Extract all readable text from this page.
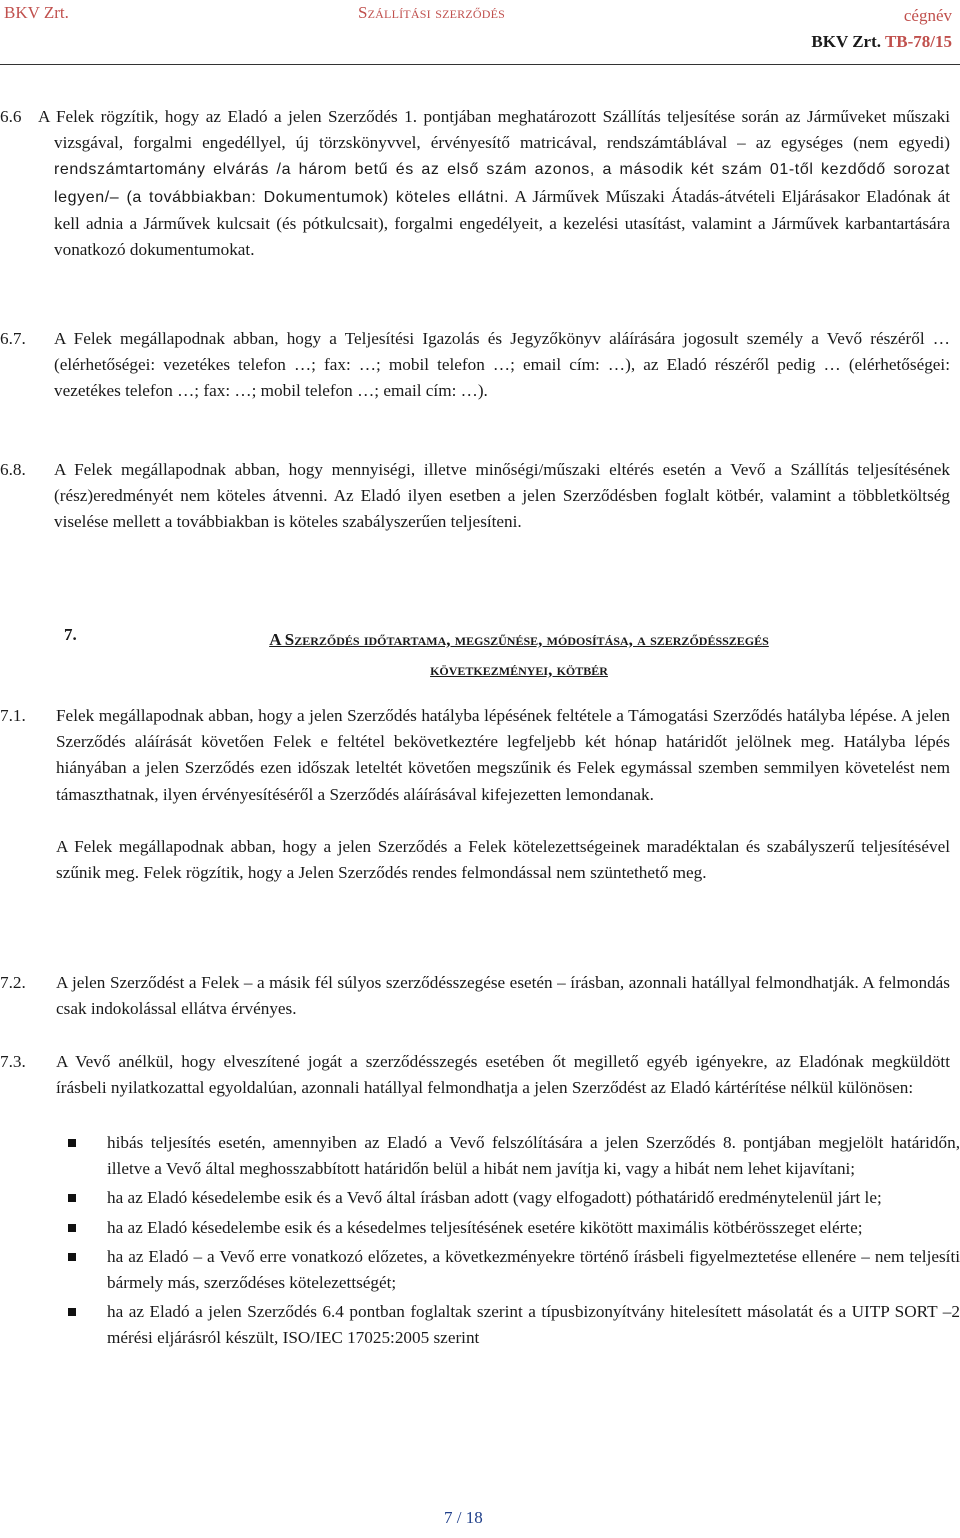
BKV Zrt.	Szállítási szerződés	cégnév
BKV Zrt. TB-78/15
6.6 A Felek rögzítik, hogy az Eladó a jelen Szerződés 1. pontjában meghatározott Szállítás teljesítése során az Járműveket műszaki vizsgával, forgalmi engedéllyel, új törzskönyvvel, érvényesítő matricával, rendszámtáblával – az egységes (nem egyedi) rendszámtartomány elvárás /a három betű és az első szám azonos, a második két szám 01-től kezdődő sorozat legyen/– (a továbbiakban: Dokumentumok) köteles ellátni. A Járművek Műszaki Átadás-átvételi Eljárásakor Eladónak át kell adnia a Járművek kulcsait (és pótkulcsait), forgalmi engedélyeit, a kezelési utasítást, valamint a Járművek karbantartására vonatkozó dokumentumokat.
6.7. A Felek megállapodnak abban, hogy a Teljesítési Igazolás és Jegyzőkönyv aláírására jogosult személy a Vevő részéről … (elérhetőségei: vezetékes telefon …; fax: …; mobil telefon …; email cím: …), az Eladó részéről pedig … (elérhetőségei: vezetékes telefon …; fax: …; mobil telefon …; email cím: …).
6.8. A Felek megállapodnak abban, hogy mennyiségi, illetve minőségi/műszaki eltérés esetén a Vevő a Szállítás teljesítésének (rész)eredményét nem köteles átvenni. Az Eladó ilyen esetben a jelen Szerződésben foglalt kötbér, valamint a többletköltség viselése mellett a továbbiakban is köteles szabályszerűen teljesíteni.
7.	A Szerződés időtartama, megszűnése, módosítása, a szerződésszegés
következményei, kötbér
7.1. Felek megállapodnak abban, hogy a jelen Szerződés hatályba lépésének feltétele a Támogatási Szerződés hatályba lépése. A jelen Szerződés aláírását követően Felek e feltétel bekövetkeztére legfeljebb két hónap határidőt jelölnek meg. Hatályba lépés hiányában a jelen Szerződés ezen időszak leteltét követően megszűnik és Felek egymással szemben semmilyen követelést nem támaszthatnak, ilyen érvényesítéséről a Szerződés aláírásával kifejezetten lemondanak.
A Felek megállapodnak abban, hogy a jelen Szerződés a Felek kötelezettségeinek maradéktalan és szabályszerű teljesítésével szűnik meg. Felek rögzítik, hogy a Jelen Szerződés rendes felmondással nem szüntethető meg.
7.2. A jelen Szerződést a Felek – a másik fél súlyos szerződésszegése esetén – írásban, azonnali hatállyal felmondhatják. A felmondás csak indokolással ellátva érvényes.
7.3. A Vevő anélkül, hogy elveszítené jogát a szerződésszegés esetében őt megillető egyéb igényekre, az Eladónak megküldött írásbeli nyilatkozattal egyoldalúan, azonnali hatállyal felmondhatja a jelen Szerződést az Eladó kártérítése nélkül különösen:
hibás teljesítés esetén, amennyiben az Eladó a Vevő felszólítására a jelen Szerződés 8. pontjában megjelölt határidőn, illetve a Vevő által meghosszabbított határidőn belül a hibát nem javítja ki, vagy a hibát nem lehet kijavítani;
ha az Eladó késedelembe esik és a Vevő által írásban adott (vagy elfogadott) póthatáridő eredménytelenül járt le;
ha az Eladó késedelembe esik és a késedelmes teljesítésének esetére kikötött maximális kötbérösszeget elérte;
ha az Eladó – a Vevő erre vonatkozó előzetes, a következményekre történő írásbeli figyelmeztetése ellenére – nem teljesíti bármely más, szerződéses kötelezettségét;
ha az Eladó a jelen Szerződés 6.4 pontban foglaltak szerint a típusbizonyítvány hitelesített másolatát és a UITP SORT –2 mérési eljárásról készült, ISO/IEC 17025:2005 szerint
7 / 18
